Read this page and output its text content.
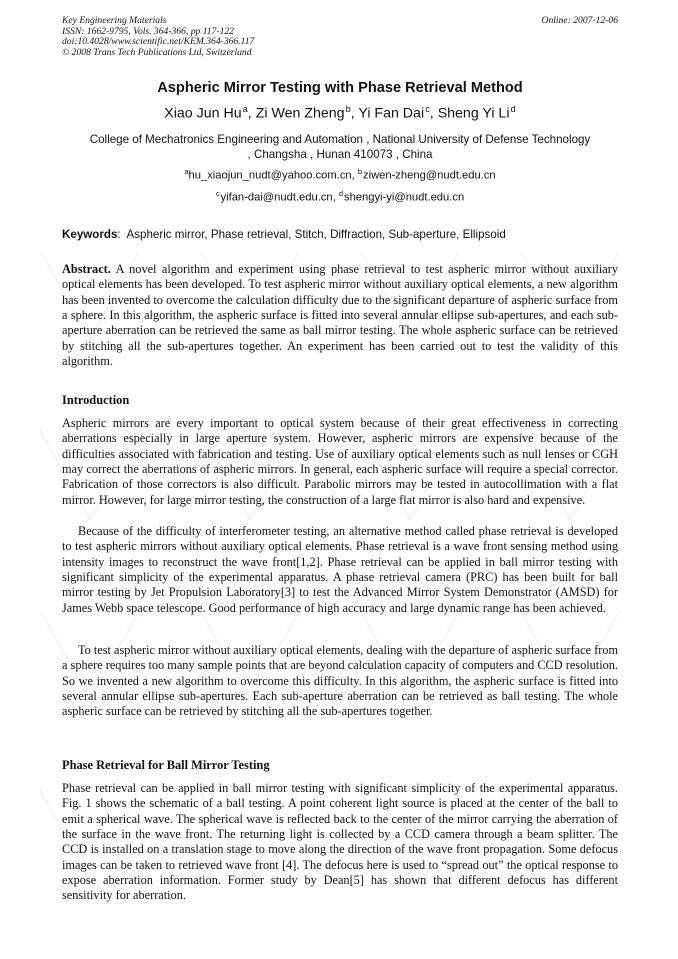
Key Engineering Materials
ISSN: 1662-9795, Vols. 364-366, pp 117-122
doi:10.4028/www.scientific.net/KEM.364-366.117
© 2008 Trans Tech Publications Ltd, Switzerland
Online: 2007-12-06
Aspheric Mirror Testing with Phase Retrieval Method
Xiao Jun Hu $^a$, Zi Wen Zheng $^b$, Yi Fan Dai $^c$, Sheng Yi Li $^d$
College of Mechatronics Engineering and Automation , National University of Defense Technology
, Changsha , Hunan 410073 , China
$^a$hu_xiaojun_nudt@yahoo.com.cn, $^b$ ziwen-zheng@nudt.edu.cn
$^c$ yifan-dai@nudt.edu.cn, $^d$ shengyi-yi@nudt.edu.cn
Keywords: Aspheric mirror, Phase retrieval, Stitch, Diffraction, Sub-aperture, Ellipsoid

Abstract. A novel algorithm and experiment using phase retrieval to test aspheric mirror without auxiliary optical elements has been developed. To test aspheric mirror without auxiliary optical elements, a new algorithm has been invented to overcome the calculation difficulty due to the significant departure of aspheric surface from a sphere. In this algorithm, the aspheric surface is fitted into several annular ellipse sub-apertures, and each sub-aperture aberration can be retrieved the same as ball mirror testing. The whole aspheric surface can be retrieved by stitching all the sub-apertures together. An experiment has been carried out to test the validity of this algorithm.

Introduction

Aspheric mirrors are every important to optical system because of their great effectiveness in correcting aberrations especially in large aperture system. However, aspheric mirrors are expensive because of the difficulties associated with fabrication and testing. Use of auxiliary optical elements such as null lenses or CGH may correct the aberrations of aspheric mirrors. In general, each aspheric surface will require a special corrector. Fabrication of those correctors is also difficult. Parabolic mirrors may be tested in autocollimation with a flat mirror. However, for large mirror testing, the construction of a large flat mirror is also hard and expensive.

Because of the difficulty of interferometer testing, an alternative method called phase retrieval is developed to test aspheric mirrors without auxiliary optical elements. Phase retrieval is a wave front sensing method using intensity images to reconstruct the wave front[1,2]. Phase retrieval can be applied in ball mirror testing with significant simplicity of the experimental apparatus. A phase retrieval camera (PRC) has been built for ball mirror testing by Jet Propulsion Laboratory[3] to test the Advanced Mirror System Demonstrator (AMSD) for James Webb space telescope. Good performance of high accuracy and large dynamic range has been achieved.

To test aspheric mirror without auxiliary optical elements, dealing with the departure of aspheric surface from a sphere requires too many sample points that are beyond calculation capacity of computers and CCD resolution. So we invented a new algorithm to overcome this difficulty. In this algorithm, the aspheric surface is fitted into several annular ellipse sub-apertures. Each sub-aperture aberration can be retrieved as ball testing. The whole aspheric surface can be retrieved by stitching all the sub-apertures together.

Phase Retrieval for Ball Mirror Testing

Phase retrieval can be applied in ball mirror testing with significant simplicity of the experimental apparatus. Fig. 1 shows the schematic of a ball testing. A point coherent light source is placed at the center of the ball to emit a spherical wave. The spherical wave is reflected back to the center of the mirror carrying the aberration of the surface in the wave front. The returning light is collected by a CCD camera through a beam splitter. The CCD is installed on a translation stage to move along the direction of the wave front propagation. Some defocus images can be taken to retrieved wave front [4]. The defocus here is used to “spread out” the optical response to expose aberration information. Former study by Dean[5] has shown that different defocus has different sensitivity for aberration.
